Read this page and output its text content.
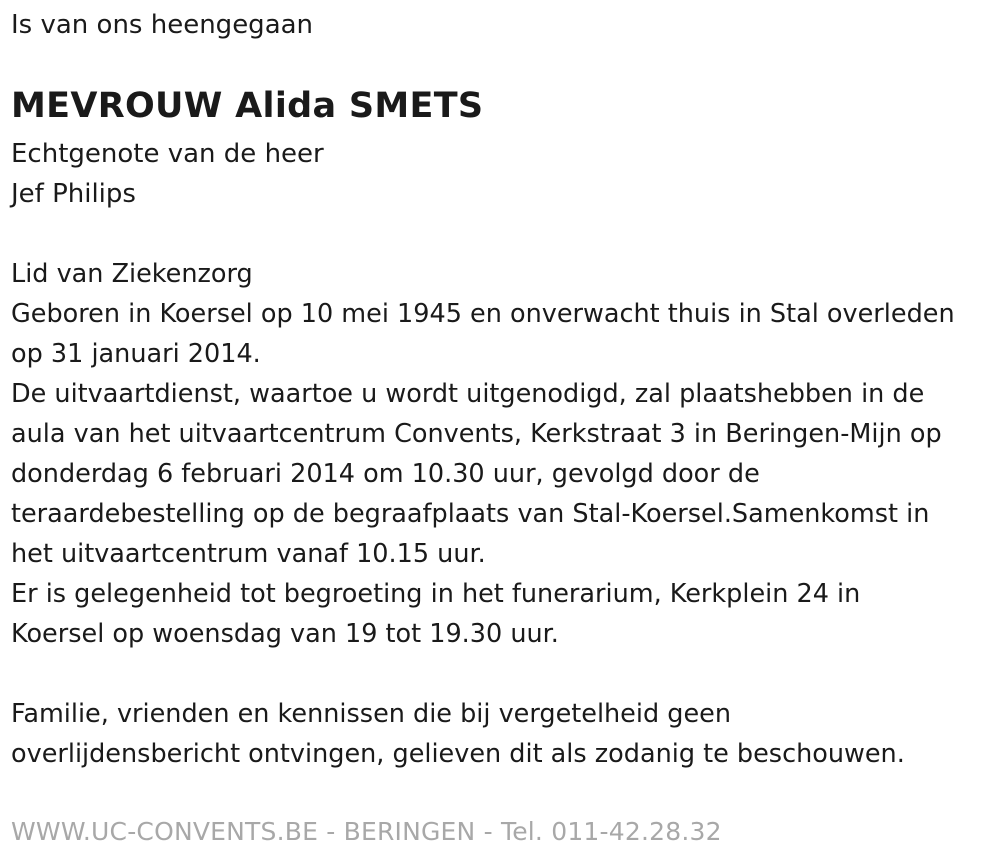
Is van ons heengegaan
MEVROUW Alida SMETS
Echtgenote van de heer
Jef Philips
Lid van Ziekenzorg
Geboren in Koersel op 10 mei 1945 en onverwacht thuis in Stal overleden
op 31 januari 2014.
De uitvaartdienst, waartoe u wordt uitgenodigd, zal plaatshebben in de
aula van het uitvaartcentrum Convents, Kerkstraat 3 in Beringen-Mijn op
donderdag 6 februari 2014 om 10.30 uur, gevolgd door de
teraardebestelling op de begraafplaats van Stal-Koersel.Samenkomst in
het uitvaartcentrum vanaf 10.15 uur.
Er is gelegenheid tot begroeting in het funerarium, Kerkplein 24 in
Koersel op woensdag van 19 tot 19.30 uur.
Familie, vrienden en kennissen die bij vergetelheid geen
overlijdensbericht ontvingen, gelieven dit als zodanig te beschouwen.
WWW.UC-CONVENTS.BE - BERINGEN - Tel. 011-42.28.32
